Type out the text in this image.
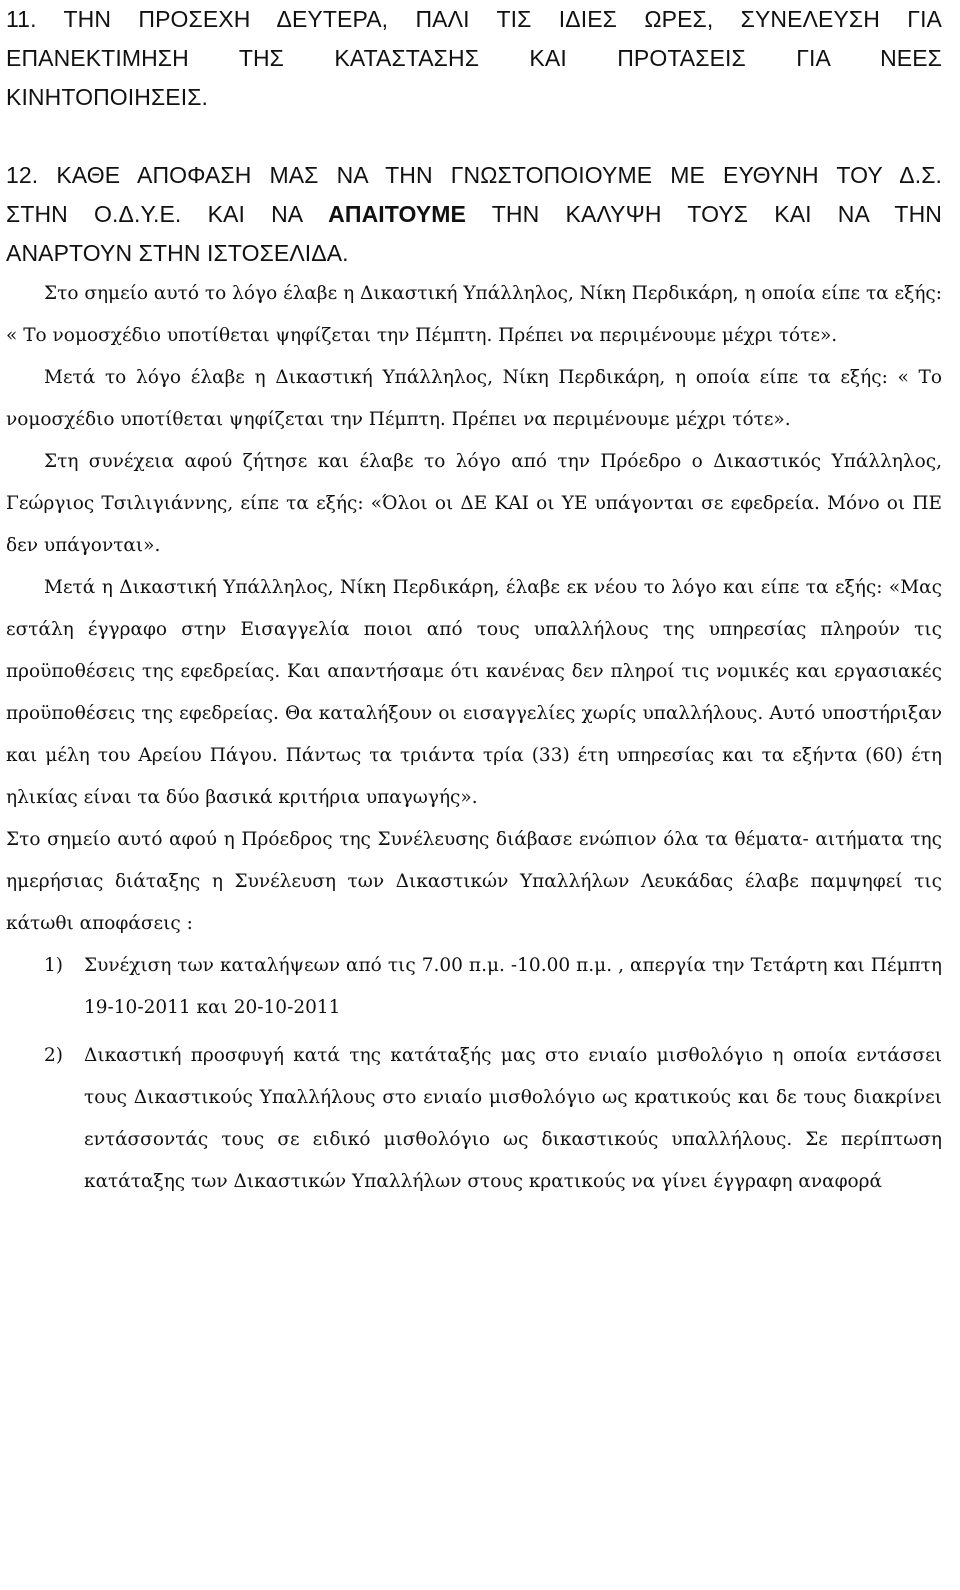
11. ΤΗΝ ΠΡΟΣΕΧΗ ΔΕΥΤΕΡΑ, ΠΑΛΙ ΤΙΣ ΙΔΙΕΣ ΩΡΕΣ, ΣΥΝΕΛΕΥΣΗ ΓΙΑ
ΕΠΑΝΕΚΤΙΜΗΣΗ ΤΗΣ ΚΑΤΑΣΤΑΣΗΣ ΚΑΙ ΠΡΟΤΑΣΕΙΣ ΓΙΑ ΝΕΕΣ
ΚΙΝΗΤΟΠΟΙΗΣΕΙΣ.
12. ΚΑΘΕ ΑΠΟΦΑΣΗ ΜΑΣ ΝΑ ΤΗΝ ΓΝΩΣΤΟΠΟΙΟΥΜΕ ΜΕ ΕΥΘΥΝΗ ΤΟΥ Δ.Σ.
ΣΤΗΝ Ο.Δ.Υ.Ε. ΚΑΙ ΝΑ ΑΠΑΙΤΟΥΜΕ ΤΗΝ ΚΑΛΥΨΗ ΤΟΥΣ ΚΑΙ ΝΑ ΤΗΝ
ΑΝΑΡΤΟΥΝ ΣΤΗΝ ΙΣΤΟΣΕΛΙΔΑ.

Στο σημείο αυτό το λόγο έλαβε η Δικαστική Υπάλληλος, Νίκη Περδικάρη, η οποία είπε τα εξής: « Το νομοσχέδιο υποτίθεται ψηφίζεται την Πέμπτη. Πρέπει να περιμένουμε μέχρι τότε».

Μετά το λόγο έλαβε η Δικαστική Υπάλληλος, Νίκη Περδικάρη, η οποία είπε τα εξής: « Το νομοσχέδιο υποτίθεται ψηφίζεται την Πέμπτη. Πρέπει να περιμένουμε μέχρι τότε».

Στη συνέχεια αφού ζήτησε και έλαβε το λόγο από την Πρόεδρο ο Δικαστικός Υπάλληλος, Γεώργιος Τσιλιγιάννης, είπε τα εξής: «Όλοι οι ΔΕ ΚΑΙ οι ΥΕ υπάγονται σε εφεδρεία. Μόνο οι ΠΕ δεν υπάγονται».

Μετά η Δικαστική Υπάλληλος, Νίκη Περδικάρη, έλαβε εκ νέου το λόγο και είπε τα εξής: «Μας εστάλη έγγραφο στην Εισαγγελία ποιοι από τους υπαλλήλους της υπηρεσίας πληρούν τις προϋποθέσεις της εφεδρείας. Και απαντήσαμε ότι κανένας δεν πληροί τις νομικές και εργασιακές προϋποθέσεις της εφεδρείας. Θα καταλήξουν οι εισαγγελίες χωρίς υπαλλήλους. Αυτό υποστήριξαν και μέλη του Αρείου Πάγου. Πάντως τα τριάντα τρία (33) έτη υπηρεσίας και τα εξήντα (60) έτη ηλικίας είναι τα δύο βασικά κριτήρια υπαγωγής».

Στο σημείο αυτό αφού η Πρόεδρος της Συνέλευσης διάβασε ενώπιον όλα τα θέματα- αιτήματα της ημερήσιας διάταξης η Συνέλευση των Δικαστικών Υπαλλήλων Λευκάδας έλαβε παμψηφεί τις κάτωθι αποφάσεις :

1) Συνέχιση των καταλήψεων από τις 7.00 π.μ. -10.00 π.μ. , απεργία την Τετάρτη και Πέμπτη 19-10-2011 και 20-10-2011
2) Δικαστική προσφυγή κατά της κατάταξής μας στο ενιαίο μισθολόγιο η οποία εντάσσει τους Δικαστικούς Υπαλλήλους στο ενιαίο μισθολόγιο ως κρατικούς και δε τους διακρίνει εντάσσοντάς τους σε ειδικό μισθολόγιο ως δικαστικούς υπαλλήλους. Σε περίπτωση κατάταξης των Δικαστικών Υπαλλήλων στους κρατικούς να γίνει έγγραφη αναφορά
